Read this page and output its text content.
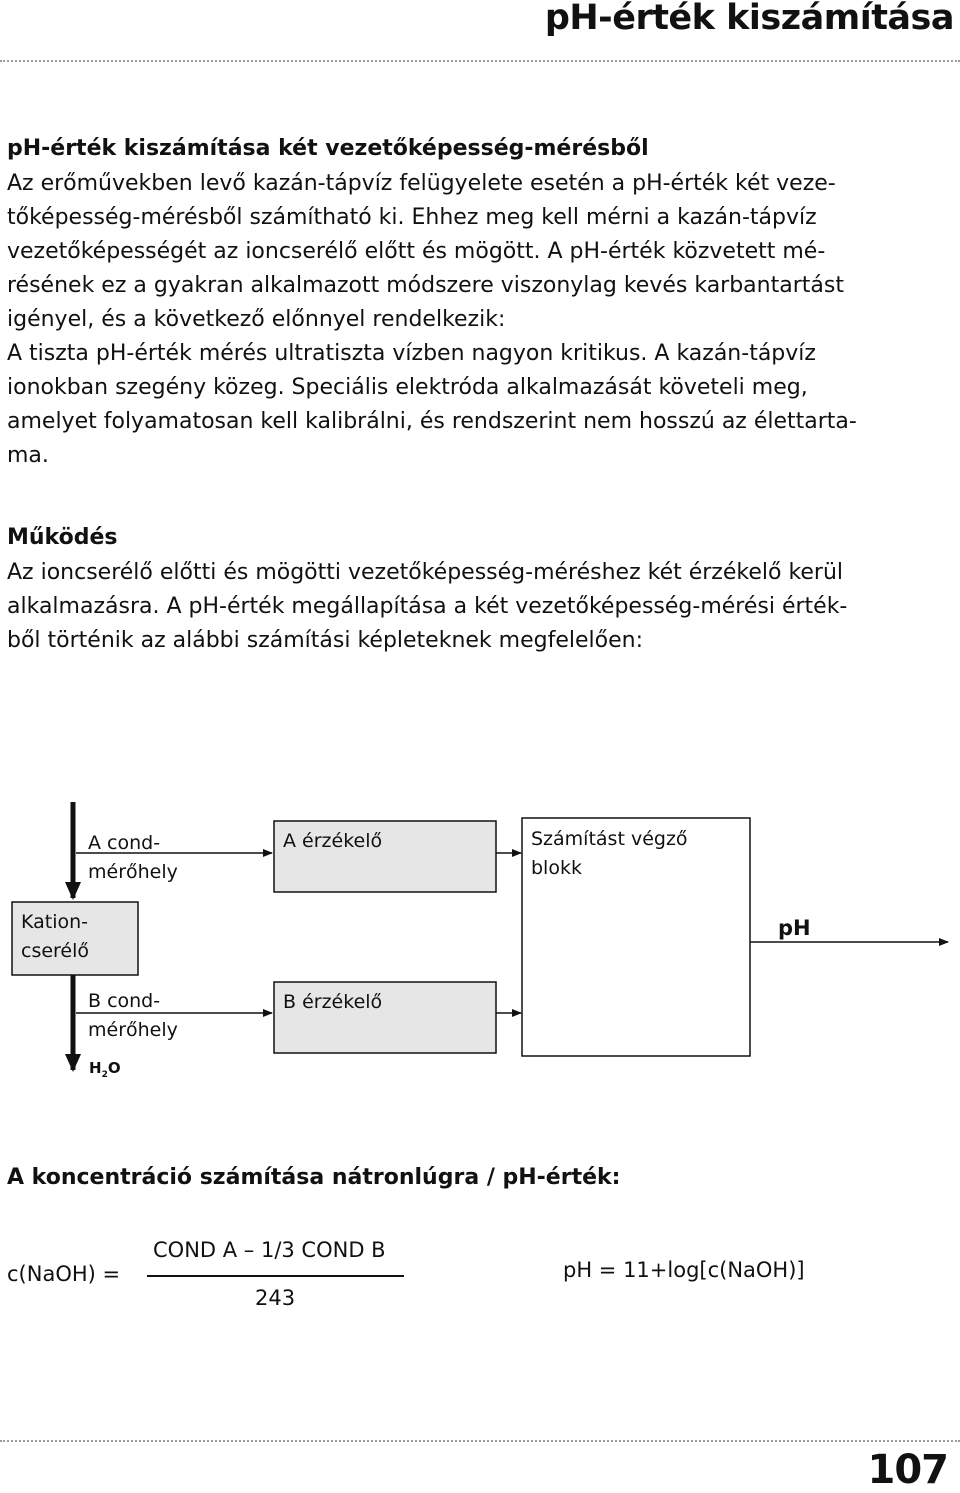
pH-érték kiszámítása
pH-érték kiszámítása két vezetőképesség-mérésből
Az erőművekben levő kazán-tápvíz felügyelete esetén a pH-érték két veze-
tőképesség-mérésből számítható ki. Ehhez meg kell mérni a kazán-tápvíz
vezetőképességét az ioncserélő előtt és mögött. A pH-érték közvetett mé-
résének ez a gyakran alkalmazott módszere viszonylag kevés karbantartást
igényel, és a következő előnnyel rendelkezik:
A tiszta pH-érték mérés ultratiszta vízben nagyon kritikus. A kazán-tápvíz
ionokban szegény közeg. Speciális elektróda alkalmazását követeli meg,
amelyet folyamatosan kell kalibrálni, és rendszerint nem hosszú az élettarta-
ma.
Működés
Az ioncserélő előtti és mögötti vezetőképesség-méréshez két érzékelő kerül
alkalmazásra. A pH-érték megállapítása a két vezetőképesség-mérési érték-
ből történik az alábbi számítási képleteknek megfelelően:
Kation-
cserélő
A cond-
mérőhely
A érzékelő	Számítást végző
blokk
pH
B cond-
mérőhely
B érzékelő
$H_2O$
A koncentráció számítása nátronlúgra / pH-érték:
c(NaOH) =
COND A – 1/3 COND B
243
pH = 11+log[c(NaOH)]
107
